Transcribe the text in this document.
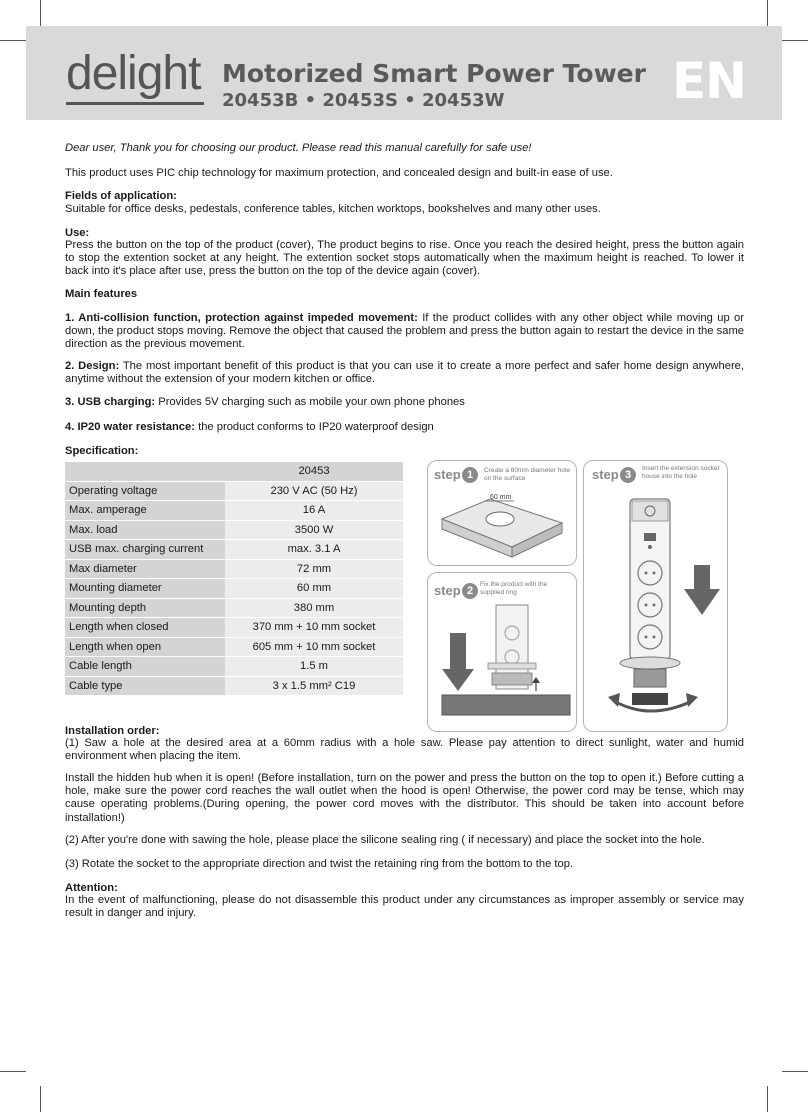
delight Motorized Smart Power Tower
20453B • 20453S • 20453W	EN
Dear user, Thank you for choosing our product. Please read this manual carefully for safe use!
This product uses PIC chip technology for maximum protection, and concealed design and built-in ease of use.
Fields of application:
Suitable for office desks, pedestals, conference tables, kitchen worktops, bookshelves and many other uses.
Use:
Press the button on the top of the product (cover), The product begins to rise. Once you reach the desired height, press the button again to stop the extention socket at any height. The extention socket stops automatically when the maximum height is reached. To lower it back into it's place after use, press the button on the top of the device again (cover).
Main features
1. Anti-collision function, protection against impeded movement: If the product collides with any other object while moving up or down, the product stops moving. Remove the object that caused the problem and press the button again to restart the device in the same direction as the previous movement.
2. Design: The most important benefit of this product is that you can use it to create a more perfect and safer home design anywhere, anytime without the extension of your modern kitchen or office.
3. USB charging: Provides 5V charging such as mobile your own phone phones
4. IP20 water resistance: the product conforms to IP20 waterproof design
Specification:
	20453
Operating voltage	230 V AC (50 Hz)
Max. amperage	16 A
Max. load	3500 W
USB max. charging current	max. 3.1 A
Max diameter	72 mm
Mounting diameter	60 mm
Mounting depth	380 mm
Length when closed	370 mm + 10 mm socket
Length when open	605 mm + 10 mm socket
Cable length	1.5 m
Cable type	3 x 1.5 mm² C19
step 1	Create a 60mm diameter hole on the surface
60 mm
step 2
Fix the product with the supplied ring
step 3
Insert the extension socket house into the hole
Installation order:
(1) Saw a hole at the desired area at a 60mm radius with a hole saw. Please pay attention to direct sunlight, water and humid environment when placing the item.
Install the hidden hub when it is open! (Before installation, turn on the power and press the button on the top to open it.) Before cutting a hole, make sure the power cord reaches the wall outlet when the hood is open! Otherwise, the power cord may be tense, which may cause operating problems.(During opening, the power cord moves with the distributor. This should be taken into account before installation!)
(2) After you're done with sawing the hole, please place the silicone sealing ring ( if necessary) and place the socket into the hole.
(3) Rotate the socket to the appropriate direction and twist the retaining ring from the bottom to the top.
Attention:
In the event of malfunctioning, please do not disassemble this product under any circumstances as improper assembly or service may result in danger and injury.
